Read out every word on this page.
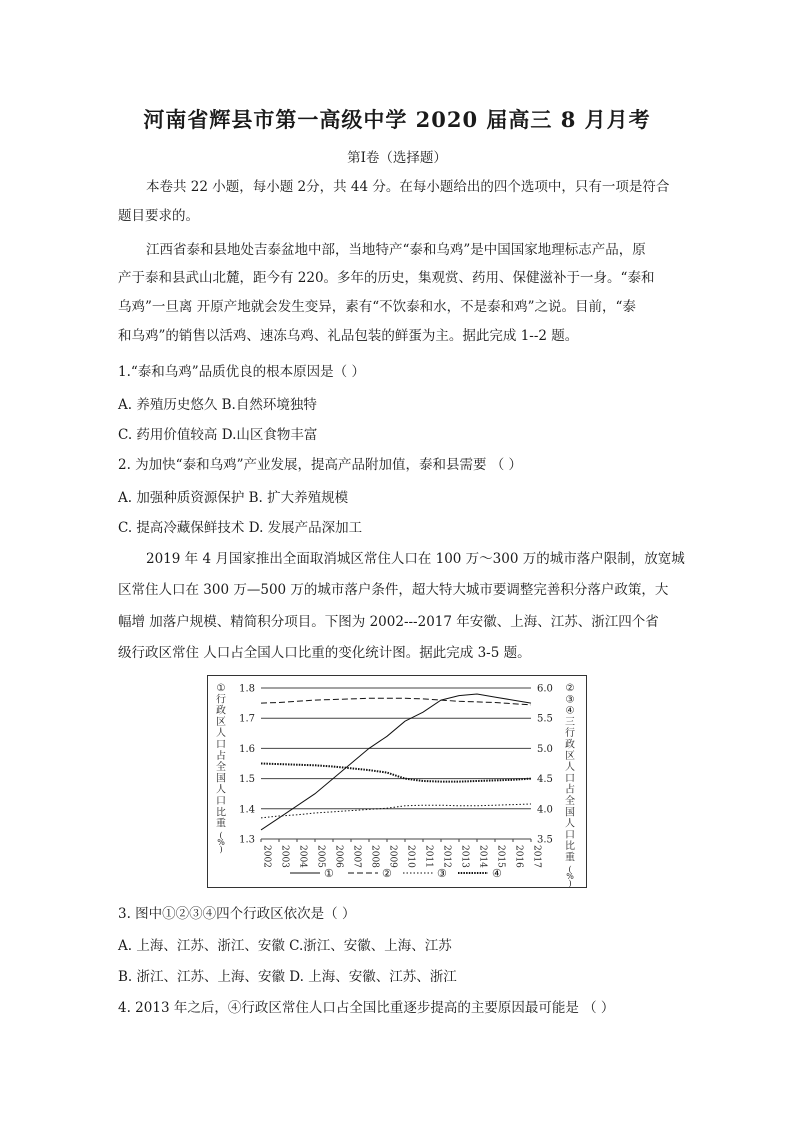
河南省辉县市第一高级中学 2020 届高三 8 月月考
第Ⅰ卷（选择题）
本卷共 22 小题，每小题 2分，共 44 分。在每小题给出的四个选项中，只有一项是符合
题目要求的。
江西省泰和县地处吉泰盆地中部，当地特产“泰和乌鸡”是中国国家地理标志产品，原
产于泰和县武山北麓，距今有 220。多年的历史，集观赏、药用、保健滋补于一身。“泰和
乌鸡”一旦离 开原产地就会发生变异，素有“不饮泰和水，不是泰和鸡”之说。目前，“泰
和乌鸡”的销售以活鸡、速冻乌鸡、礼品包装的鲜蛋为主。据此完成 1--2 题。
1.“泰和乌鸡”品质优良的根本原因是（ ）
A. 养殖历史悠久 B.自然环境独特
C. 药用价值较高 D.山区食物丰富
2. 为加快“泰和乌鸡”产业发展，提高产品附加值，泰和县需要 （ ）
A. 加强种质资源保护 B. 扩大养殖规模
C. 提高冷藏保鲜技术 D. 发展产品深加工
2019 年 4 月国家推出全面取消城区常住人口在 100 万～300 万的城市落户限制，放宽城
区常住人口在 300 万—500 万的城市落户条件，超大特大城市要调整完善积分落户政策，大
幅增 加落户规模、精简积分项目。下图为 2002---2017 年安徽、上海、江苏、浙江四个省
级行政区常住 人口占全国人口比重的变化统计图。据此完成 3-5 题。
1.3
1.4
1.5
1.6
1.7
1.8
3.5
4.0
4.5
5.0
5.5
6.0
2002 2003 2004 2005 2006 2007 2008 2009 2010 2011 2012 2013 2014 2015 2016 2017
①
行
政
区
人
口
占
全
国
人
口
比
重
(
%
)
②
③
④
三
行
政
区
人
口
占
全
国
人
口
比
重
(
%
)
①	②	③	④
3. 图中①②③④四个行政区依次是（ ）
A. 上海、江苏、浙江、安徽 C.浙江、安徽、上海、江苏
B. 浙江、江苏、上海、安徽 D. 上海、安徽、江苏、浙江
4. 2013 年之后，④行政区常住人口占全国比重逐步提高的主要原因最可能是 （ ）
